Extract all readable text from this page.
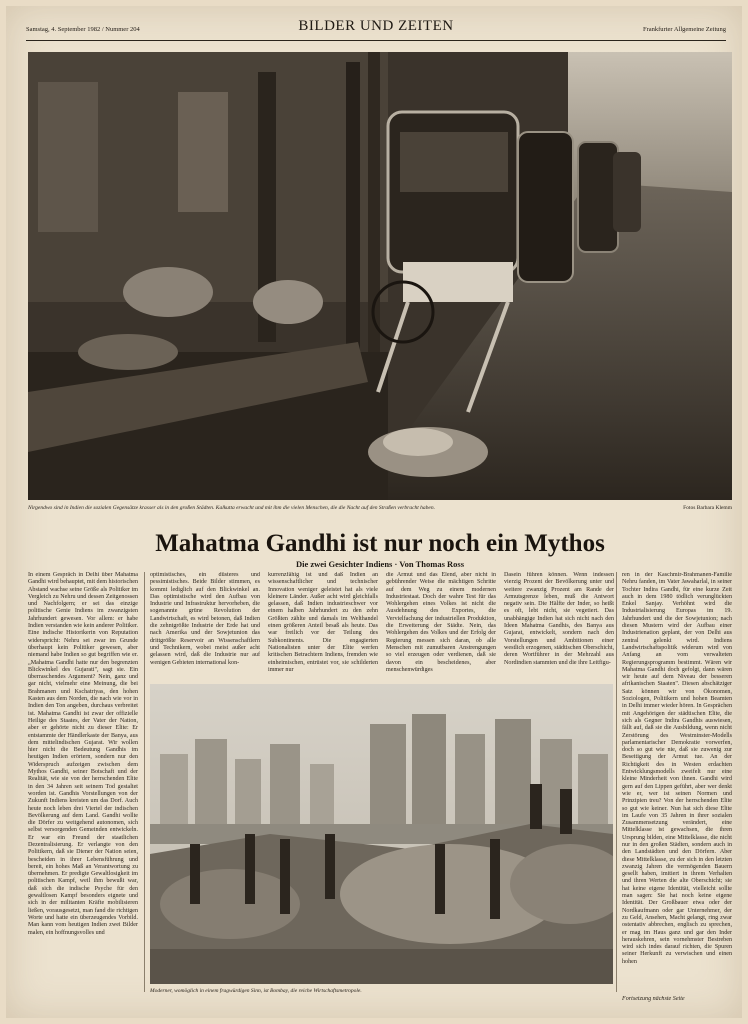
Samstag, 4. September 1982 / Nummer 204	BILDER UND ZEITEN	Frankfurter Allgemeine Zeitung
Nirgendwo sind in Indien die sozialen Gegensätze krasser als in den großen Städten. Kalkutta erwacht und mit ihm die vielen Menschen, die die Nacht auf den Straßen verbracht haben.	Fotos Barbara Klemm
Mahatma Gandhi ist nur noch ein Mythos
Die zwei Gesichter Indiens · Von Thomas Ross

In einem Gespräch in Delhi über Mahatma Gandhi wird behauptet, mit dem historischen Abstand wachse seine Größe als Politiker im Vergleich zu Nehru und dessen Zeitgenossen und Nachfolgern; er sei das einzige politische Genie Indiens im zwanzigsten Jahrhundert gewesen. Vor allem: er habe Indien verstanden wie kein anderer Politiker. Eine indische Historikerin von Reputation widerspricht: Nehru sei zwar im Grunde überhaupt kein Politiker gewesen, aber niemand habe Indien so gut begriffen wie er. „Mahatma Gandhi hatte nur den begrenzten Blickwinkel des Gujarati", sagt sie. Ein überraschendes Argument? Nein, ganz und gar nicht, vielmehr eine Meinung, die bei Brahmanen und Kschatriyas, den hohen Kasten aus dem Norden, die nach wie vor in Indien den Ton angeben, durchaus verbreitet ist. Mahatma Gandhi ist zwar der offizielle Heilige des Staates, der Vater der Nation, aber er gehörte nicht zu dieser Elite: Er entstammte der Händlerkaste der Banya, aus dem mittelindischen Gujarat. Wir wollen hier nicht die Bedeutung Gandhis im heutigen Indien erörtern, sondern nur den Widerspruch aufzeigen zwischen dem Mythos Gandhi, seiner Botschaft und der Realität, wie sie von der herrschenden Elite in den 34 Jahren seit seinem Tod gestaltet worden ist. Gandhis Vorstellungen von der Zukunft Indiens kreisten um das Dorf. Auch heute noch leben drei Viertel der indischen Bevölkerung auf dem Land. Gandhi wollte die Dörfer zu weitgehend autonomen, sich selbst versorgenden Gemeinden entwickeln. Er war ein Freund der staatlichen Dezentralisierung. Er verlangte von den Politikern, daß sie Diener der Nation seien, bescheiden in ihrer Lebensführung und bereit, ein hohes Maß an Verantwortung zu übernehmen. Er predigte Gewaltlosigkeit im politischen Kampf, weil ihm bewußt war, daß sich die indische Psyche für den gewaltlosen Kampf besonders eignete und sich in der militanten Kräfte mobilisieren ließen, vorausgesetzt, man fand die richtigen Worte und hatte ein überzeugendes Vorbild. Man kann vom heutigen Indien zwei Bilder malen, ein hoffnungsvolles und

optimistisches, ein düsteres und pessimistisches. Beide Bilder stimmen, es kommt lediglich auf den Blickwinkel an. Das optimistische wird den Aufbau von Industrie und Infrastruktur hervorheben, die sogenannte grüne Revolution der Landwirtschaft, es wird betonen, daß Indien die zehntgrößte Industrie der Erde hat und nach Amerika und der Sowjetunion das drittgrößte Reservoir an Wissenschaftlern und Technikern, wobei meist außer acht gelassen wird, daß die Industrie nur auf wenigen Gebieten international kon-

kurrenzfähig ist und daß Indien an wissenschaftlicher und technischer Innovation weniger geleistet hat als viele kleinere Länder. Außer acht wird gleichfalls gelassen, daß Indien industrieschwer vor einem halben Jahrhundert zu den zehn Größten zählte und damals im Welthandel einen größeren Anteil besaß als heute. Das war freilich vor der Teilung des Subkontinents. Die engagierten Nationalisten unter der Elite werfen kritischen Betrachtern Indiens, fremden wie einheimischen, entrüstet vor, sie schilderten immer nur

die Armut und das Elend, aber nicht in gebührender Weise die mächtigen Schritte auf dem Weg zu einem modernen Industriestaat. Doch der wahre Test für das Wohlergehen eines Volkes ist nicht die Ausdehnung des Exportes, die Vervielfachung der industriellen Produktion, die Erweiterung der Städte. Nein, das Wohlergehen des Volkes und der Erfolg der Regierung messen sich daran, ob alle Menschen mit zumutbaren Anstrengungen so viel erzeugen oder verdienen, daß sie davon ein bescheidenes, aber menschenwürdiges

Dasein führen können. Wenn indessen vierzig Prozent der Bevölkerung unter und weitere zwanzig Prozent am Rande der Armutsgrenze leben, muß die Antwort negativ sein. Die Hälfte der Inder, so heißt es oft, lebt nicht, sie vegetiert. Das unabhängige Indien hat sich nicht nach den Ideen Mahatma Gandhis, des Banya aus Gujarat, entwickelt, sondern nach den Vorstellungen und Ambitionen einer westlich erzogenen, städtischen Oberschicht, deren Wortführer in der Mehrzahl aus Nordindien stammten und die ihre Leitfigu-

ren in der Kaschmir-Brahmanen-Familie Nehru fanden, im Vater Jawaharlal, in seiner Tochter Indira Gandhi, für eine kurze Zeit auch in dem 1980 tödlich verunglückten Enkel Sanjay. Verhöhnt wird die Industrialisierung Europas im 19. Jahrhundert und die der Sowjetunion; nach diesen Mustern wird der Aufbau einer Industrienation geplant, der von Delhi aus zentral gelenkt wird. Indiens Landwirtschaftspolitik widerum wird von Anfang an vom verwalteten Regierungsprogramm bestimmt. Wären wir Mahatma Gandhi doch gefolgt, dann wären wir heute auf dem Niveau der besseren afrikanischen Staaten". Diesen abschätziger Satz können wir von Ökonomen, Soziologen, Politikern und hohen Beamten in Delhi immer wieder hören. In Gesprächen mit Angehörigen der städtischen Elite, die sich als Gegner Indira Gandhis auswiesen, fällt auf, daß sie die Ausbildung, wenn nicht Zerstörung des Westminster-Modells parlamentarischer Demokratie vorwerfen, doch so gut wie nie, daß sie zuwenig zur Beseitigung der Armut tue. An der Richtigkeit des in Westen erdachten Entwicklungsmodells zweifelt nur eine kleine Minderheit von ihnen. Gandhi wird gern auf den Lippen geführt, aber wer denkt wie er, wer ist seinen Normen und Prinzipien treu? Von der herrschenden Elite so gut wie keiner. Nun hat sich diese Elite im Laufe von 35 Jahren in ihrer sozialen Zusammensetzung verändert, eine Mittelklasse ist gewachsen, die ihren Ursprung bilden, eine Mittelklasse, die nicht nur in den großen Städten, sondern auch in den Landstädten und den Dörfern. Aber diese Mittelklasse, zu der sich in den letzten zwanzig Jahren die vermögenden Bauern gesellt haben, imitiert in ihrem Verhalten und ihren Werten die alte Oberschicht; sie hat keine eigene Identität, vielleicht sollte man sagen: Sie hat noch keine eigene Identität. Der Großbauer etwa oder der Nordkaufmann oder gar Unternehmer, der zu Geld, Ansehen, Macht gelangt, ring zwar ostentativ abbrechen, englisch zu sprechen, er mag im Haus ganz und gar den Inder herauskehren, sein vornehmster Bestreben wird sich indes darauf richten, die Spuren seiner Herkunft zu verwischen und einen hohen

Fortsetzung nächste Seite
Moderner, womöglich in einem fragwürdigen Sinn, ist Bombay, die reiche Wirtschaftsmetropole.
